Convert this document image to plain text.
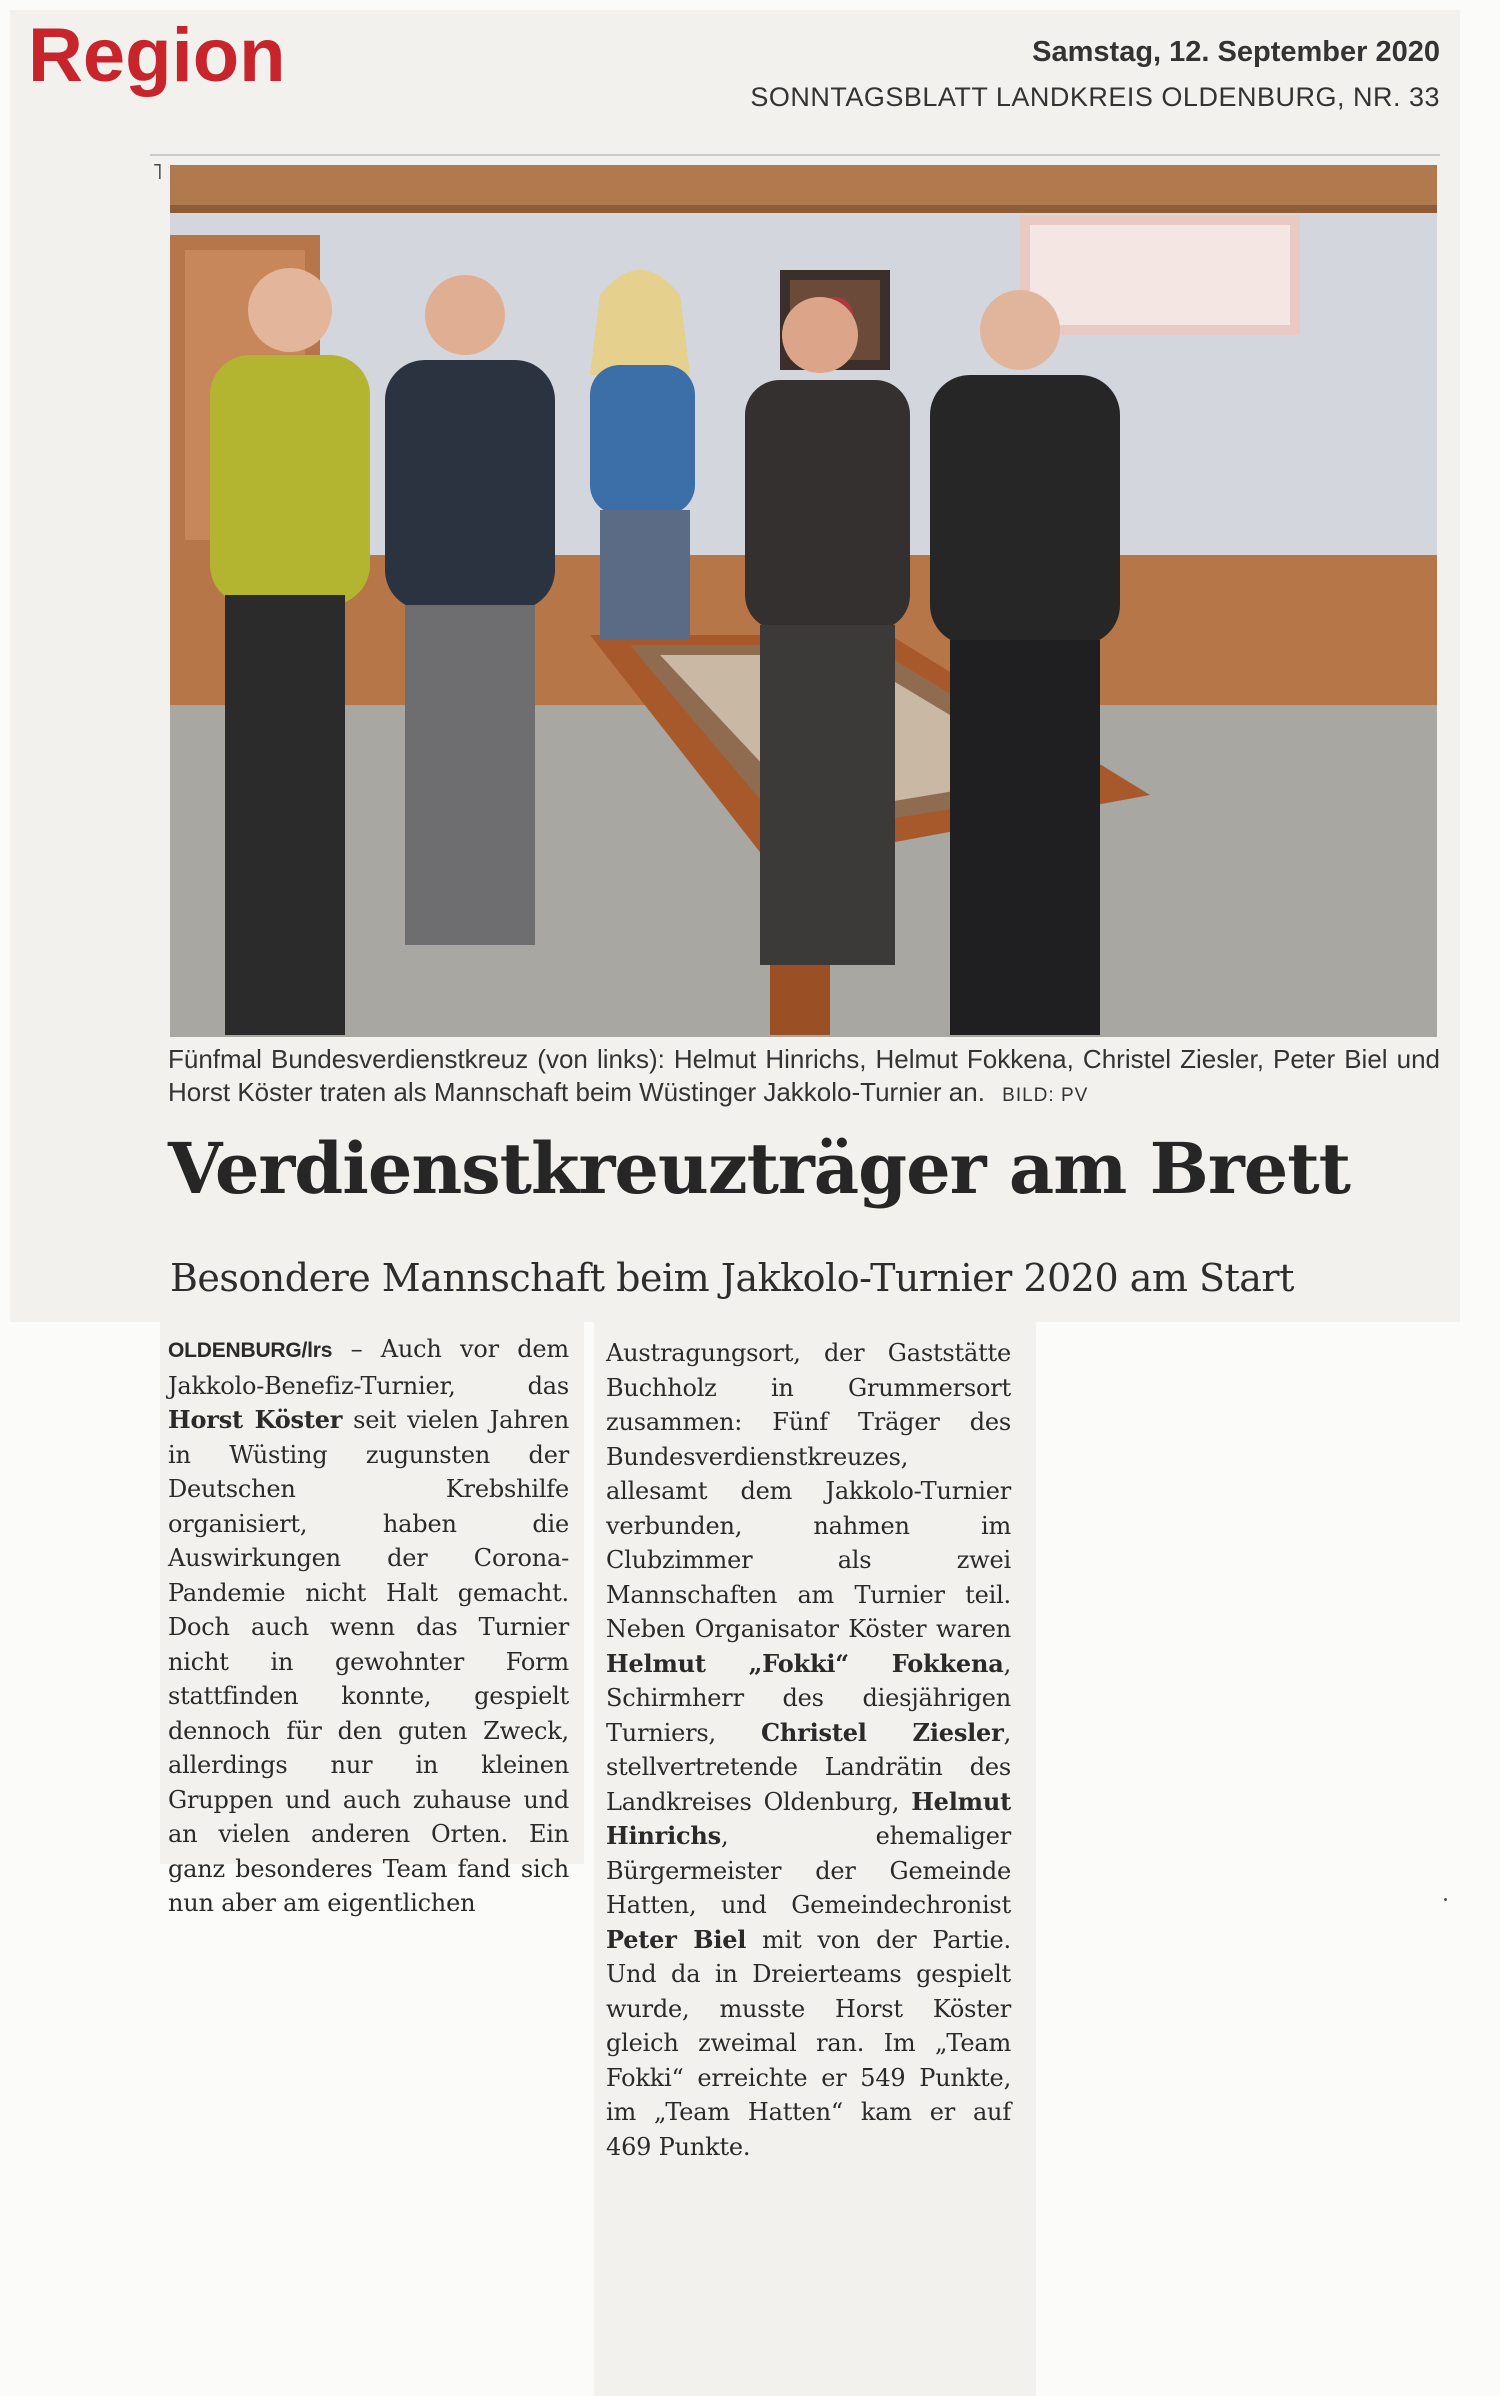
Region	Samstag, 12. September 2020
SONNTAGSBLATT LANDKREIS OLDENBURG, NR. 33
˥
Fünfmal Bundesverdienstkreuz (von links): Helmut Hinrichs, Helmut Fokkena, Christel Ziesler, Peter Biel und Horst Köster traten als Mannschaft beim Wüstinger Jakkolo-Turnier an. BILD: PV
Verdienstkreuzträger am Brett
Besondere Mannschaft beim Jakkolo-Turnier 2020 am Start
OLDENBURG/lrs – Auch vor dem Jakkolo-Benefiz-Turnier, das Horst Köster seit vielen Jahren in Wüsting zugunsten der Deutschen Krebshilfe organisiert, haben die Auswirkungen der Corona-Pandemie nicht Halt gemacht. Doch auch wenn das Turnier nicht in gewohnter Form stattfinden konnte, gespielt dennoch für den guten Zweck, allerdings nur in kleinen Gruppen und auch zuhause und an vielen anderen Orten. Ein ganz besonderes Team fand sich nun aber am eigentlichen
Austragungsort, der Gaststätte Buchholz in Grummersort zusammen: Fünf Träger des Bundesverdienstkreuzes, allesamt dem Jakkolo-Turnier verbunden, nahmen im Clubzimmer als zwei Mannschaften am Turnier teil. Neben Organisator Köster waren Helmut „Fokki“ Fokkena, Schirmherr des diesjährigen Turniers, Christel Ziesler, stellvertretende Landrätin des Landkreises Oldenburg, Helmut Hinrichs, ehemaliger Bürgermeister der Gemeinde Hatten, und Gemeindechronist Peter Biel mit von der Partie. Und da in Dreierteams gespielt wurde, musste Horst Köster gleich zweimal ran. Im „Team Fokki“ erreichte er 549 Punkte, im „Team Hatten“ kam er auf 469 Punkte.
